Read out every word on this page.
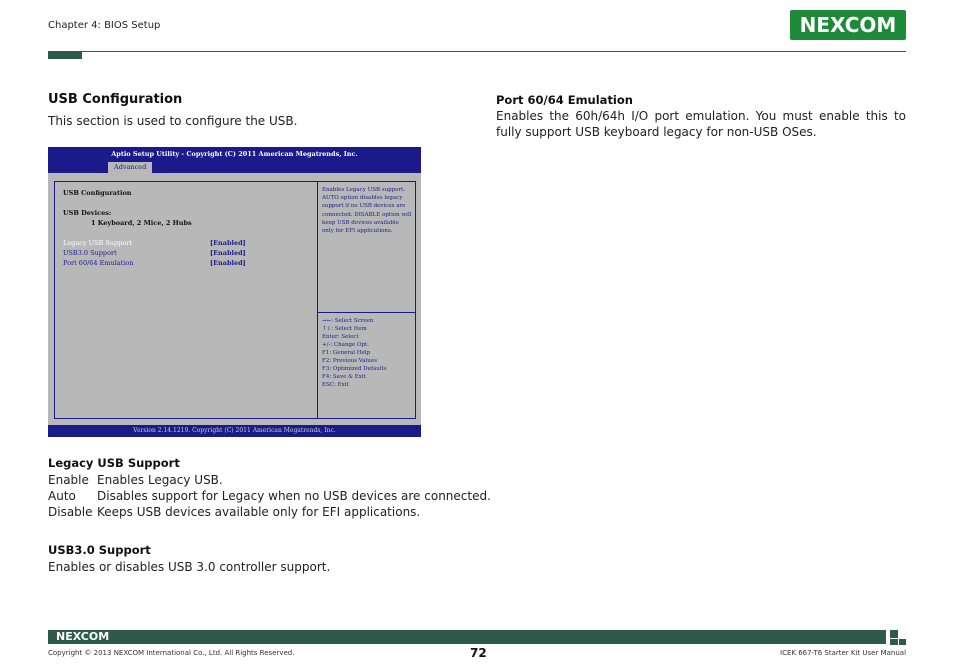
Chapter 4: BIOS Setup	NEXCOM
USB Configuration
This section is used to configure the USB.
Aptio Setup Utility - Copyright (C) 2011 American Megatrends, Inc.
Advanced
USB Configuration
USB Devices:
1 Keyboard, 2 Mice, 2 Hubs
Legacy USB Support	[Enabled]
USB3.0 Support	[Enabled]
Port 60/64 Emulation	[Enabled]
Enables Legacy USB support.
AUTO option disables legacy
support if no USB devices are
connected. DISABLE option will
keep USB devices available
only for EFI applications.
→←: Select Screen
↑↓: Select Item
Enter: Select
+/-: Change Opt.
F1: General Help
F2: Previous Values
F3: Optimized Defaults
F4: Save & Exit
ESC: Exit
Version 2.14.1219. Copyright (C) 2011 American Megatrends, Inc.
Legacy USB Support
Enable Enables Legacy USB.
Auto Disables support for Legacy when no USB devices are connected.
Disable Keeps USB devices available only for EFI applications.
USB3.0 Support
Enables or disables USB 3.0 controller support.
Port 60/64 Emulation
Enables the 60h/64h I/O port emulation. You must enable this to fully support USB keyboard legacy for non-USB OSes.
NEXCOM
Copyright © 2013 NEXCOM International Co., Ltd. All Rights Reserved.	72	ICEK 667-T6 Starter Kit User Manual
